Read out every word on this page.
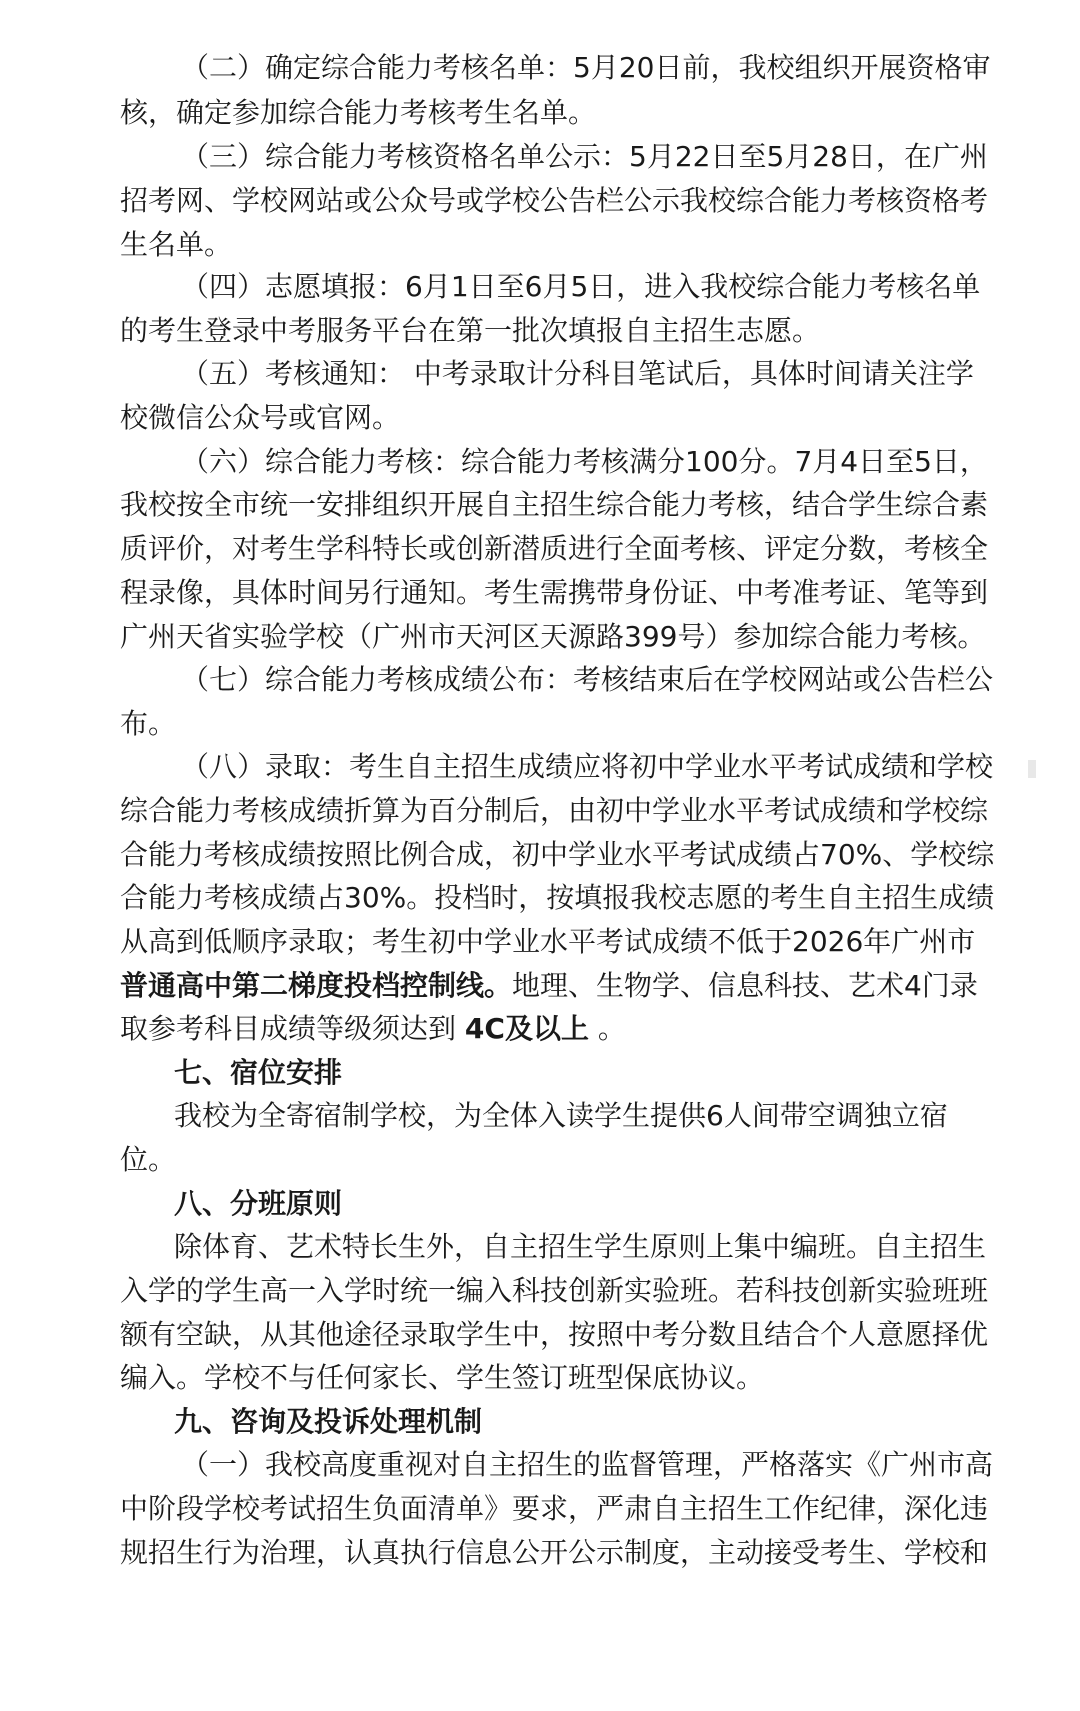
（二）确定综合能力考核名单：5月20日前，我校组织开展资格审
核，确定参加综合能力考核考生名单。
（三）综合能力考核资格名单公示：5月22日至5月28日，在广州
招考网、学校网站或公众号或学校公告栏公示我校综合能力考核资格考
生名单。
（四）志愿填报：6月1日至6月5日，进入我校综合能力考核名单
的考生登录中考服务平台在第一批次填报自主招生志愿。
（五）考核通知： 中考录取计分科目笔试后，具体时间请关注学
校微信公众号或官网。
（六）综合能力考核：综合能力考核满分100分。7月4日至5日，
我校按全市统一安排组织开展自主招生综合能力考核，结合学生综合素
质评价，对考生学科特长或创新潜质进行全面考核、评定分数，考核全
程录像，具体时间另行通知。考生需携带身份证、中考准考证、笔等到
广州天省实验学校（广州市天河区天源路399号）参加综合能力考核。
（七）综合能力考核成绩公布：考核结束后在学校网站或公告栏公
布。
（八）录取：考生自主招生成绩应将初中学业水平考试成绩和学校
综合能力考核成绩折算为百分制后，由初中学业水平考试成绩和学校综
合能力考核成绩按照比例合成，初中学业水平考试成绩占70%、学校综
合能力考核成绩占30%。投档时，按填报我校志愿的考生自主招生成绩
从高到低顺序录取；考生初中学业水平考试成绩不低于2026年广州市
普通高中第二梯度投档控制线。地理、生物学、信息科技、艺术4门录
取参考科目成绩等级须达到 4C及以上 。
七、宿位安排
我校为全寄宿制学校，为全体入读学生提供6人间带空调独立宿
位。
八、分班原则
除体育、艺术特长生外，自主招生学生原则上集中编班。自主招生
入学的学生高一入学时统一编入科技创新实验班。若科技创新实验班班
额有空缺，从其他途径录取学生中，按照中考分数且结合个人意愿择优
编入。学校不与任何家长、学生签订班型保底协议。
九、咨询及投诉处理机制
（一）我校高度重视对自主招生的监督管理，严格落实《广州市高
中阶段学校考试招生负面清单》要求，严肃自主招生工作纪律，深化违
规招生行为治理，认真执行信息公开公示制度，主动接受考生、学校和
